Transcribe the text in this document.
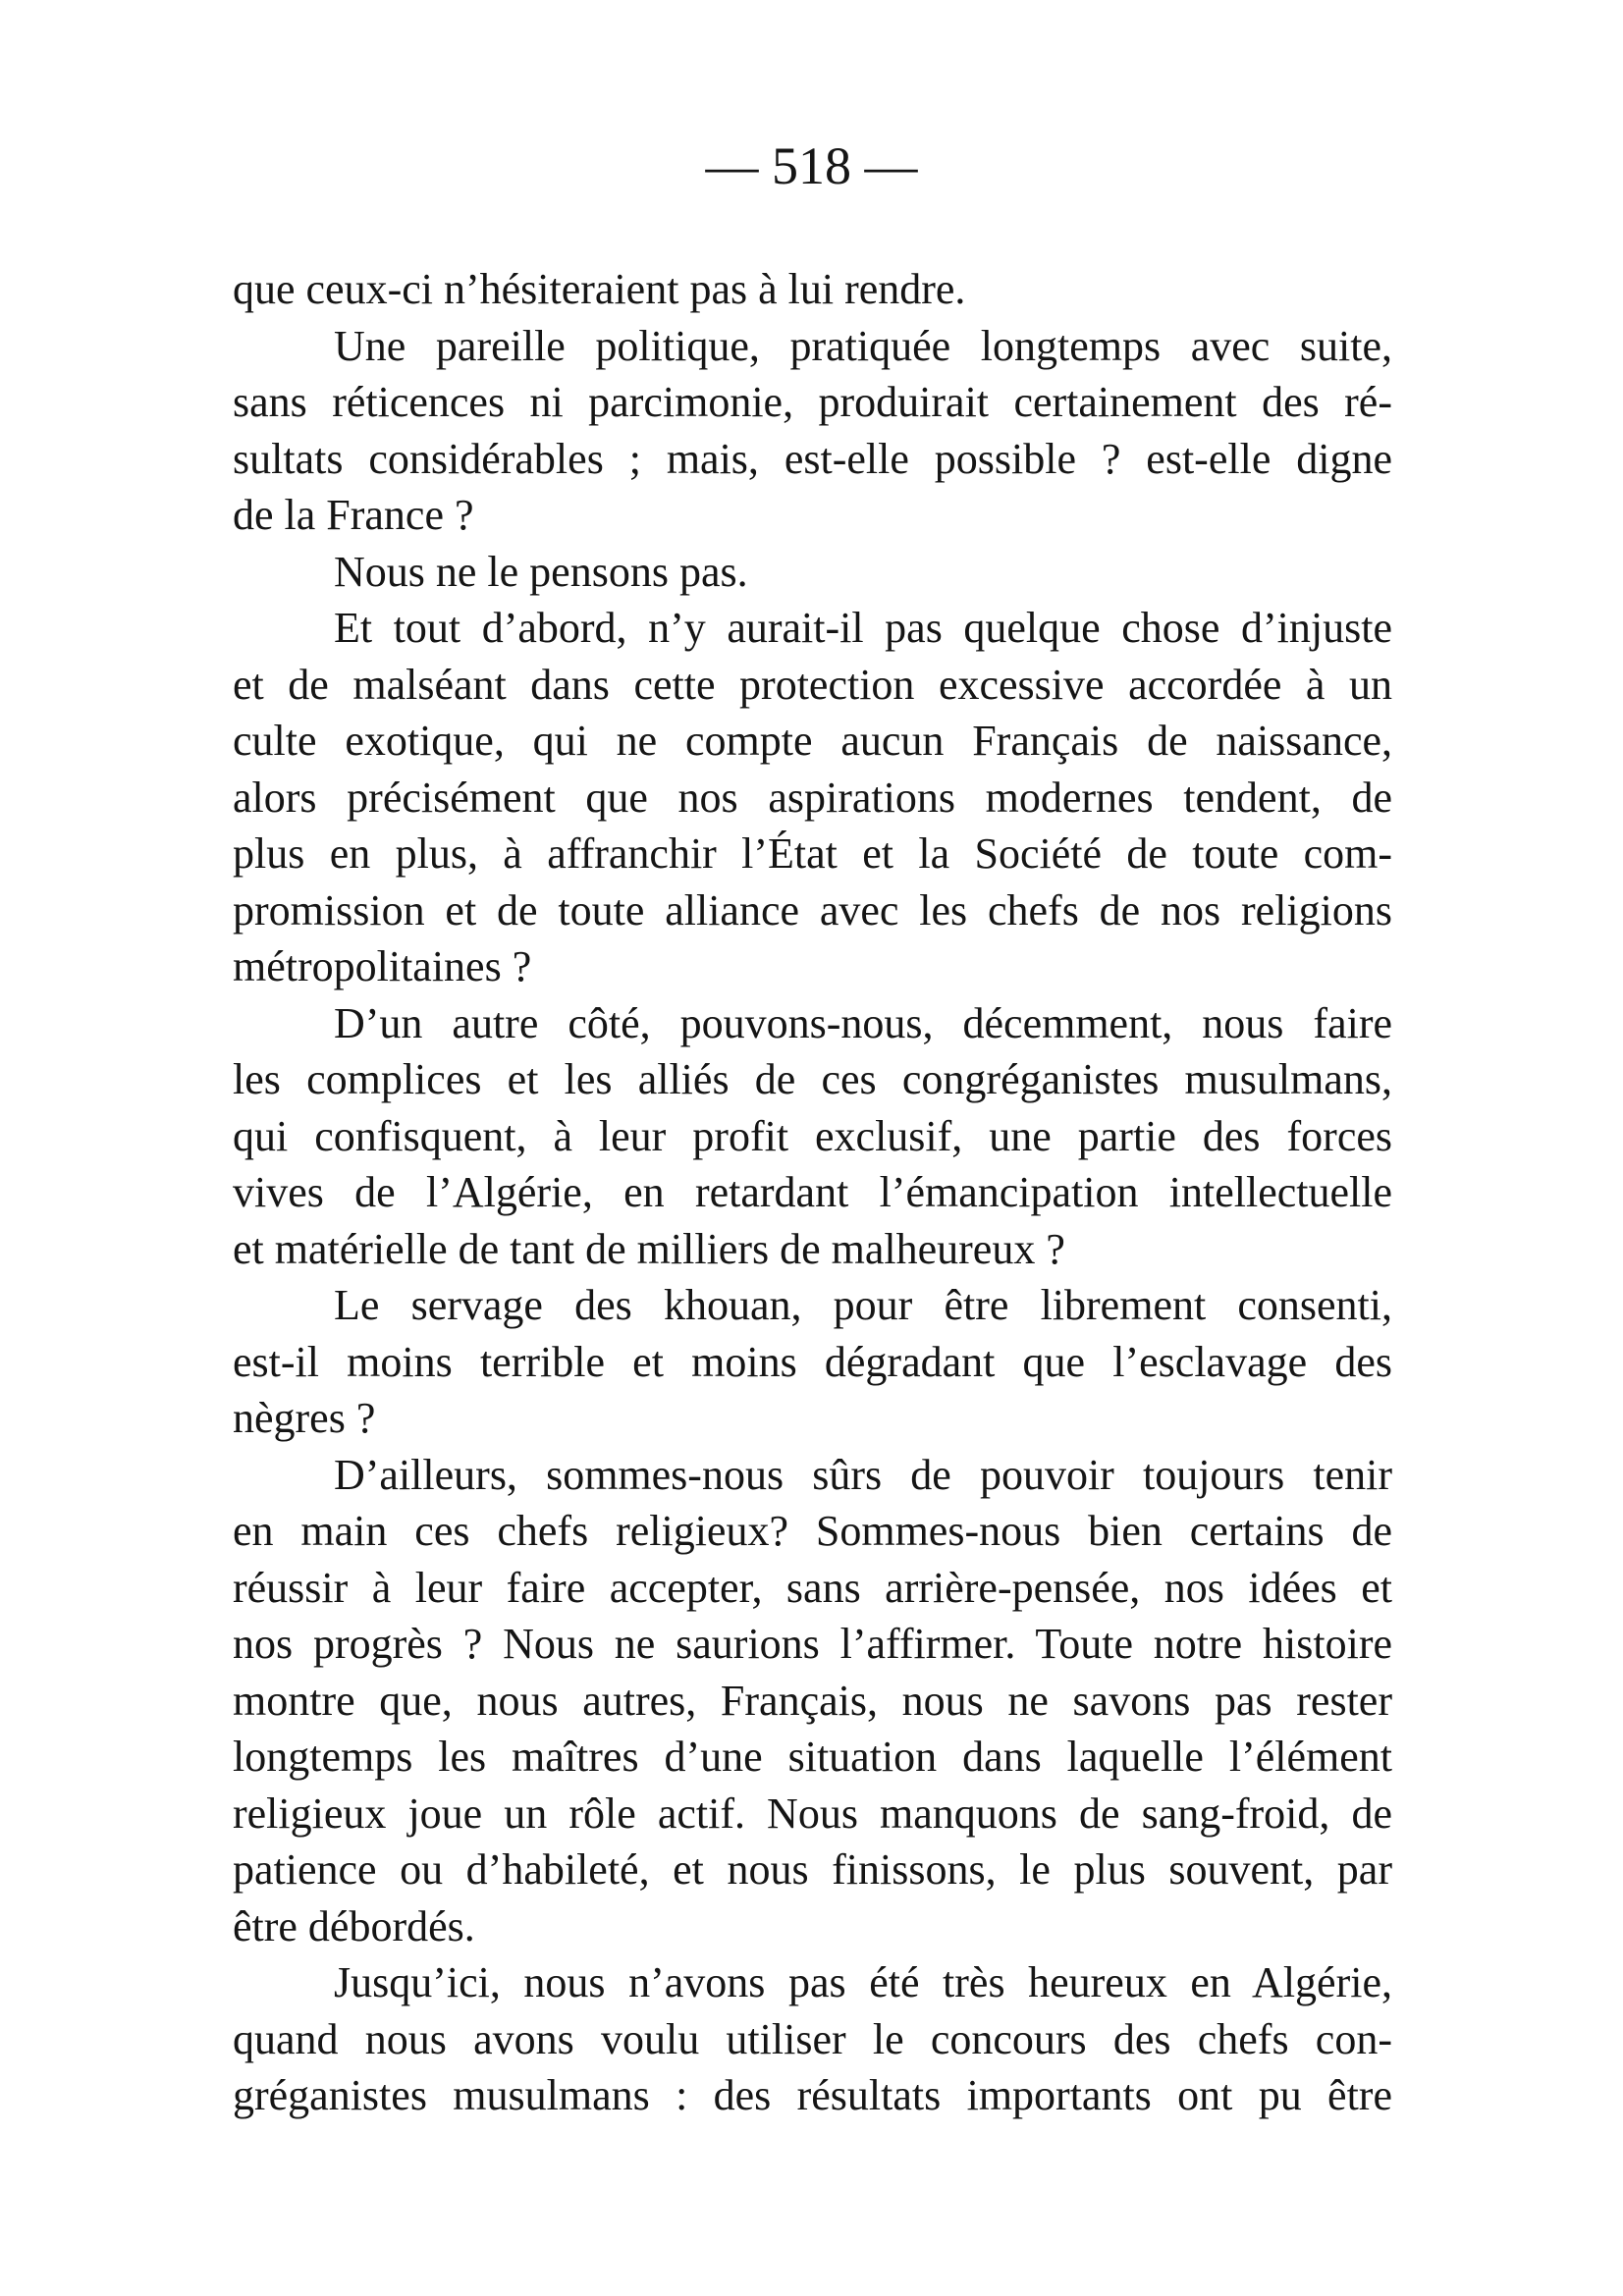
— 518 —
que ceux-ci n’hésiteraient pas à lui rendre.
Une pareille politique, pratiquée longtemps avec suite,
sans réticences ni parcimonie, produirait certainement des ré-
sultats considérables ; mais, est-elle possible ? est-elle digne
de la France ?
Nous ne le pensons pas.
Et tout d’abord, n’y aurait-il pas quelque chose d’injuste
et de malséant dans cette protection excessive accordée à un
culte exotique, qui ne compte aucun Français de naissance,
alors précisément que nos aspirations modernes tendent, de
plus en plus, à affranchir l’État et la Société de toute com-
promission et de toute alliance avec les chefs de nos religions
métropolitaines ?
D’un autre côté, pouvons-nous, décemment, nous faire
les complices et les alliés de ces congréganistes musulmans,
qui confisquent, à leur profit exclusif, une partie des forces
vives de l’Algérie, en retardant l’émancipation intellectuelle
et matérielle de tant de milliers de malheureux ?
Le servage des khouan, pour être librement consenti,
est-il moins terrible et moins dégradant que l’esclavage des
nègres ?
D’ailleurs, sommes-nous sûrs de pouvoir toujours tenir
en main ces chefs religieux? Sommes-nous bien certains de
réussir à leur faire accepter, sans arrière-pensée, nos idées et
nos progrès ? Nous ne saurions l’affirmer. Toute notre histoire
montre que, nous autres, Français, nous ne savons pas rester
longtemps les maîtres d’une situation dans laquelle l’élément
religieux joue un rôle actif. Nous manquons de sang-froid, de
patience ou d’habileté, et nous finissons, le plus souvent, par
être débordés.
Jusqu’ici, nous n’avons pas été très heureux en Algérie,
quand nous avons voulu utiliser le concours des chefs con-
gréganistes musulmans : des résultats importants ont pu être
